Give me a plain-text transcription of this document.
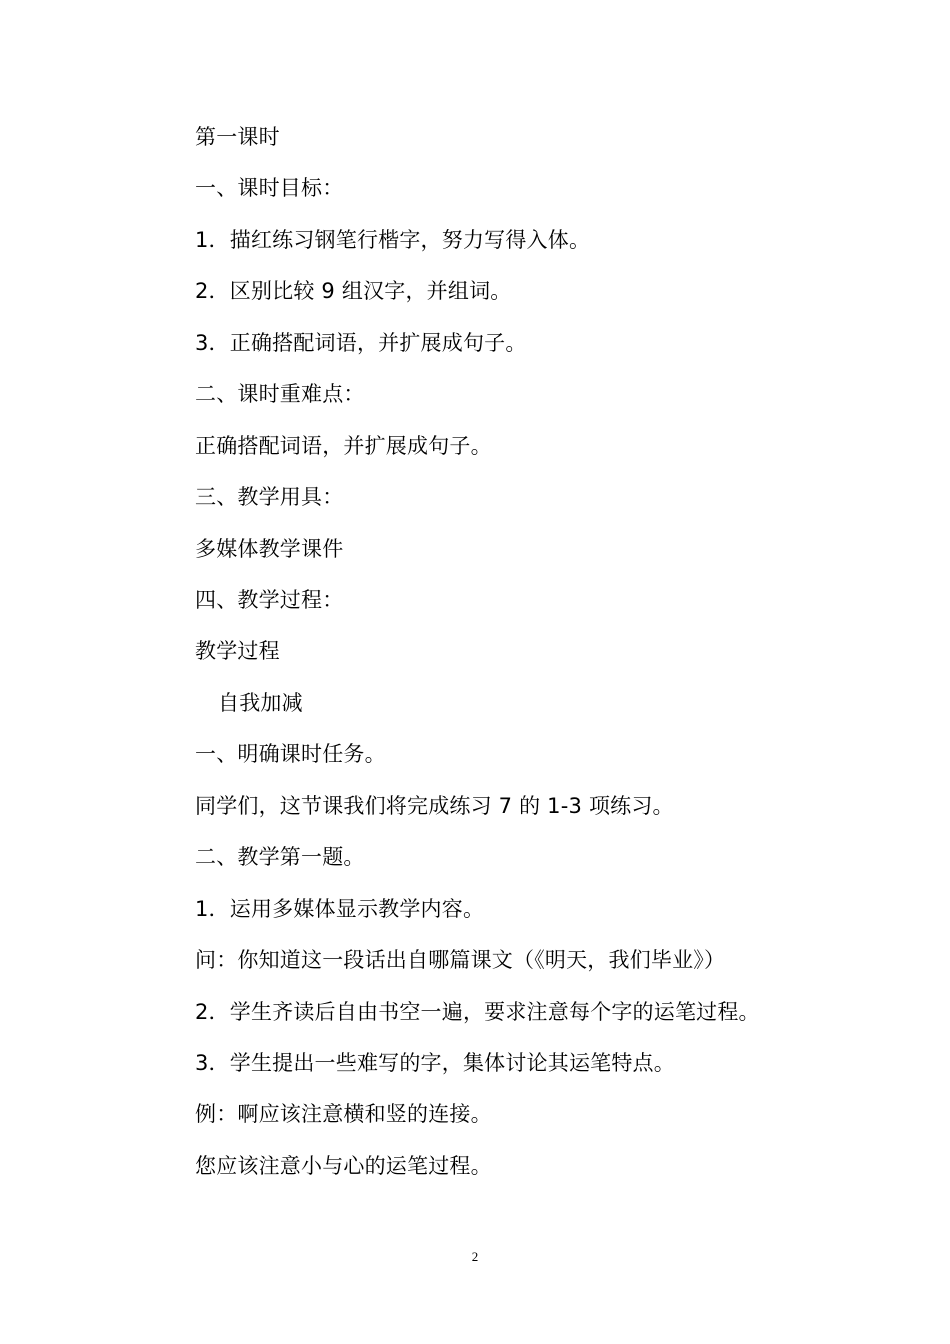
第一课时
一、课时目标：
1．描红练习钢笔行楷字，努力写得入体。
2．区别比较 9 组汉字，并组词。
3．正确搭配词语，并扩展成句子。
二、课时重难点：
正确搭配词语，并扩展成句子。
三、教学用具：
多媒体教学课件
四、教学过程：
教学过程
自我加减
一、明确课时任务。
同学们，这节课我们将完成练习 7 的 1-3 项练习。
二、教学第一题。
1．运用多媒体显示教学内容。
问：你知道这一段话出自哪篇课文（《明天，我们毕业》）
2．学生齐读后自由书空一遍，要求注意每个字的运笔过程。
3．学生提出一些难写的字，集体讨论其运笔特点。
例：啊应该注意横和竖的连接。
您应该注意小与心的运笔过程。
2
